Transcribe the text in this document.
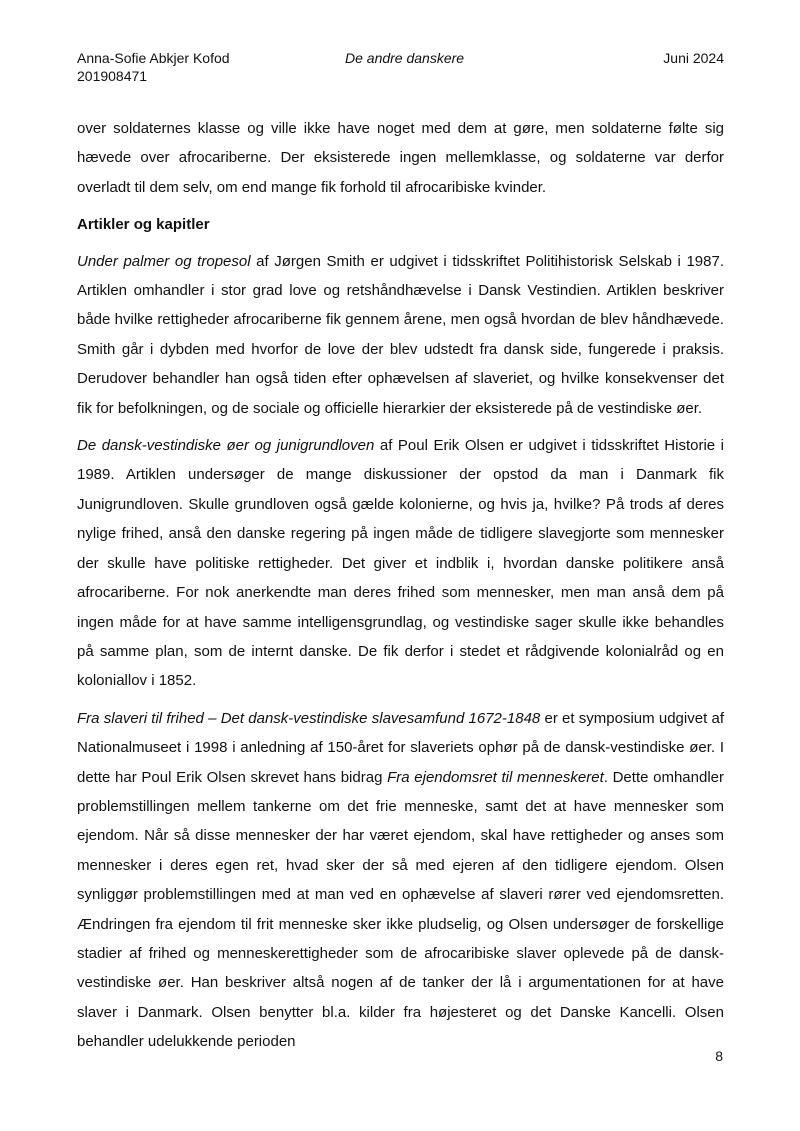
Anna-Sofie Abkjer Kofod
201908471
De andre danskere	Juni 2024

over soldaternes klasse og ville ikke have noget med dem at gøre, men soldaterne følte sig hævede over afrocariberne. Der eksisterede ingen mellemklasse, og soldaterne var derfor overladt til dem selv, om end mange fik forhold til afrocaribiske kvinder.

Artikler og kapitler

Under palmer og tropesol af Jørgen Smith er udgivet i tidsskriftet Politihistorisk Selskab i 1987. Artiklen omhandler i stor grad love og retshåndhævelse i Dansk Vestindien. Artiklen beskriver både hvilke rettigheder afrocariberne fik gennem årene, men også hvordan de blev håndhævede. Smith går i dybden med hvorfor de love der blev udstedt fra dansk side, fungerede i praksis. Derudover behandler han også tiden efter ophævelsen af slaveriet, og hvilke konsekvenser det fik for befolkningen, og de sociale og officielle hierarkier der eksisterede på de vestindiske øer.

De dansk-vestindiske øer og junigrundloven af Poul Erik Olsen er udgivet i tidsskriftet Historie i 1989. Artiklen undersøger de mange diskussioner der opstod da man i Danmark fik Junigrundloven. Skulle grundloven også gælde kolonierne, og hvis ja, hvilke? På trods af deres nylige frihed, anså den danske regering på ingen måde de tidligere slavegjorte som mennesker der skulle have politiske rettigheder. Det giver et indblik i, hvordan danske politikere anså afrocariberne. For nok anerkendte man deres frihed som mennesker, men man anså dem på ingen måde for at have samme intelligensgrundlag, og vestindiske sager skulle ikke behandles på samme plan, som de internt danske. De fik derfor i stedet et rådgivende kolonialråd og en koloniallov i 1852.

Fra slaveri til frihed – Det dansk-vestindiske slavesamfund 1672-1848 er et symposium udgivet af Nationalmuseet i 1998 i anledning af 150-året for slaveriets ophør på de dansk-vestindiske øer. I dette har Poul Erik Olsen skrevet hans bidrag Fra ejendomsret til menneskeret. Dette omhandler problemstillingen mellem tankerne om det frie menneske, samt det at have mennesker som ejendom. Når så disse mennesker der har været ejendom, skal have rettigheder og anses som mennesker i deres egen ret, hvad sker der så med ejeren af den tidligere ejendom. Olsen synliggør problemstillingen med at man ved en ophævelse af slaveri rører ved ejendomsretten. Ændringen fra ejendom til frit menneske sker ikke pludselig, og Olsen undersøger de forskellige stadier af frihed og menneskerettigheder som de afrocaribiske slaver oplevede på de dansk-vestindiske øer. Han beskriver altså nogen af de tanker der lå i argumentationen for at have slaver i Danmark. Olsen benytter bl.a. kilder fra højesteret og det Danske Kancelli. Olsen behandler udelukkende perioden

8
